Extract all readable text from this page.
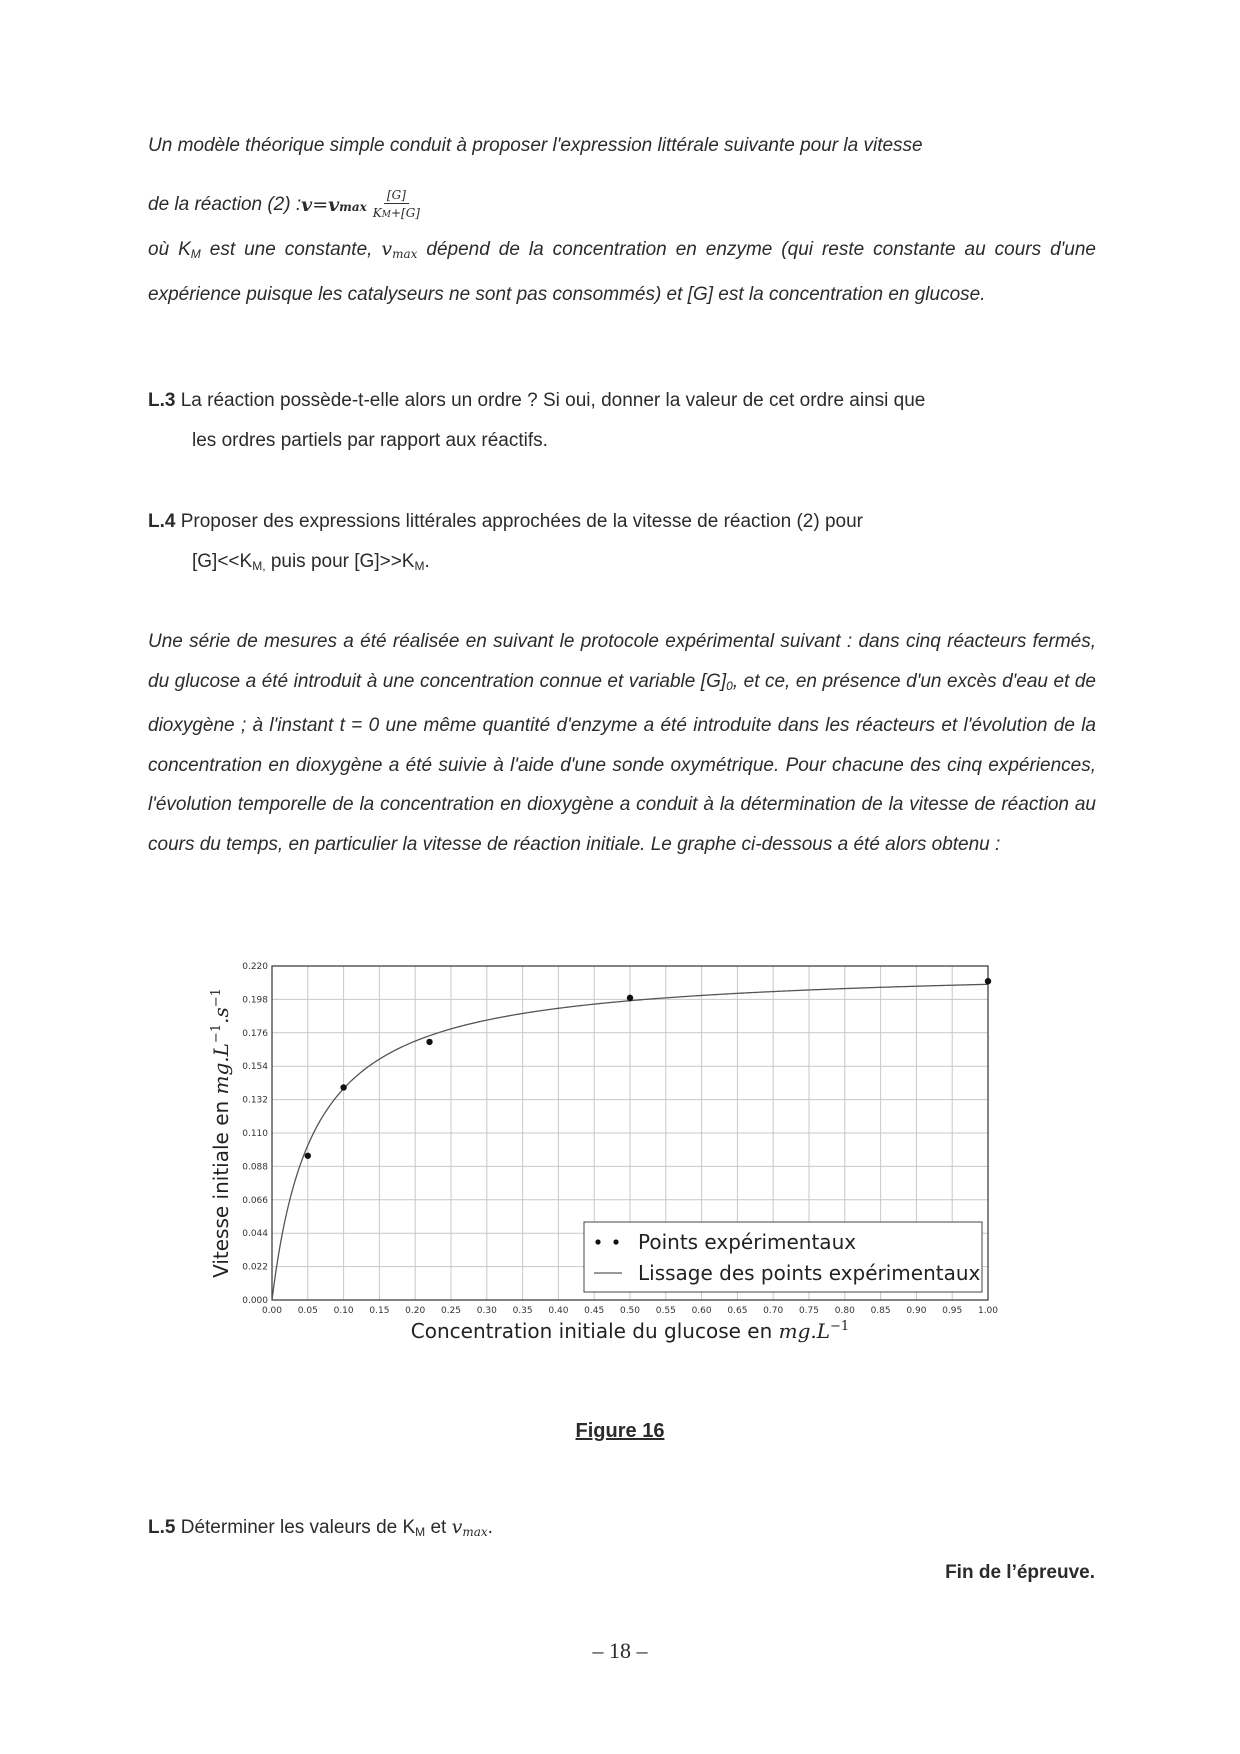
Un modèle théorique simple conduit à proposer l'expression littérale suivante pour la vitesse

de la réaction (2) : v = vmax $\frac{[G]}{KM+[G]}$

où $K_M$ est une constante, $v_{max}$ dépend de la concentration en enzyme (qui reste constante au cours d'une expérience puisque les catalyseurs ne sont pas consommés) et [G] est la concentration en glucose.

L.3 La réaction possède-t-elle alors un ordre ? Si oui, donner la valeur de cet ordre ainsi que
les ordres partiels par rapport aux réactifs.
L.4 Proposer des expressions littérales approchées de la vitesse de réaction (2) pour
$[G]<<K_{M,}$ puis pour $[G]>>K_M$.

Une série de mesures a été réalisée en suivant le protocole expérimental suivant : dans cinq réacteurs fermés, du glucose a été introduit à une concentration connue et variable $[G]_0$, et ce, en présence d'un excès d'eau et de dioxygène ; à l'instant t = 0 une même quantité d'enzyme a été introduite dans les réacteurs et l'évolution de la concentration en dioxygène a été suivie à l'aide d'une sonde oxymétrique. Pour chacune des cinq expériences, l'évolution temporelle de la concentration en dioxygène a conduit à la détermination de la vitesse de réaction au cours du temps, en particulier la vitesse de réaction initiale. Le graphe ci-dessous a été alors obtenu :

0.00 0.05 0.10 0.15 0.20 0.25 0.30 0.35 0.40 0.45 0.50 0.55 0.60 0.65 0.70 0.75 0.80 0.85 0.90 0.95 1.00
0.000
0.022
0.044
0.066
0.088
0.110
0.132
0.154
0.176
0.198
0.220
Points expérimentaux
Lissage des points expérimentaux
Concentration initiale du glucose en $mg.L^{-1}$
Vitesse initiale en $mg.L^{-1}.s^{-1}$
Figure 16
L.5 Déterminer les valeurs de $K_M$ et $v_{max}$.
Fin de l’épreuve.
– 18 –
